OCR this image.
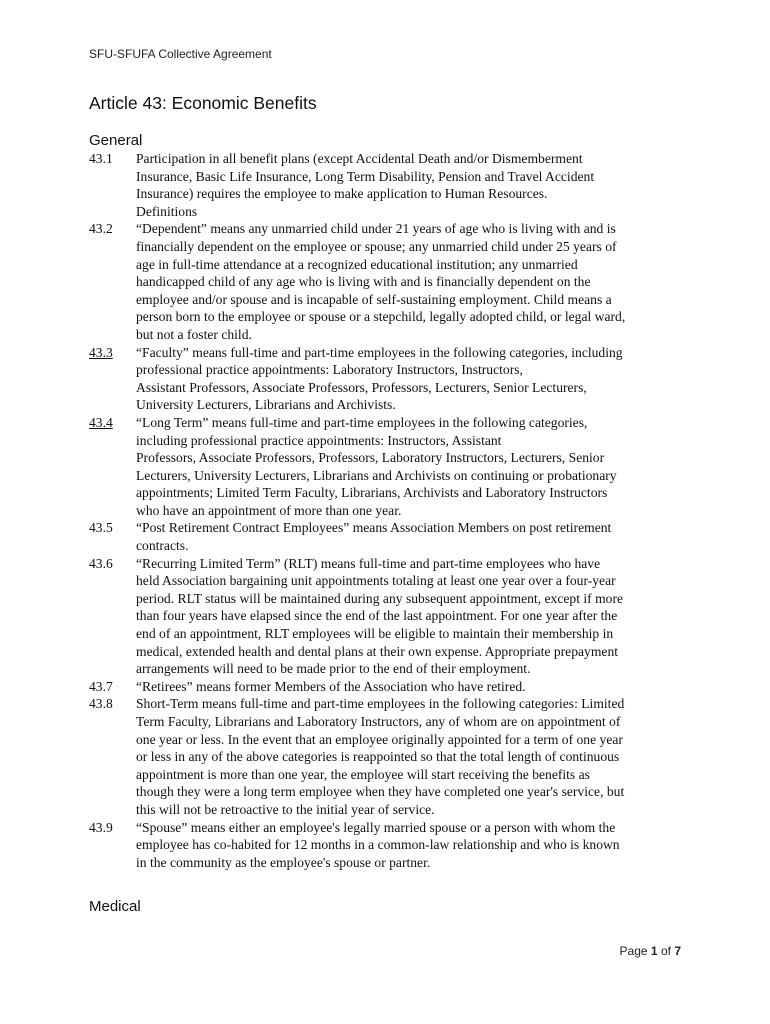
SFU-SFUFA Collective Agreement
Article 43: Economic Benefits
General
43.1	Participation in all benefit plans (except Accidental Death and/or Dismemberment
Insurance, Basic Life Insurance, Long Term Disability, Pension and Travel Accident
Insurance) requires the employee to make application to Human Resources.
Definitions
43.2	“Dependent” means any unmarried child under 21 years of age who is living with and is
financially dependent on the employee or spouse; any unmarried child under 25 years of
age in full-time attendance at a recognized educational institution; any unmarried
handicapped child of any age who is living with and is financially dependent on the
employee and/or spouse and is incapable of self-sustaining employment. Child means a
person born to the employee or spouse or a stepchild, legally adopted child, or legal ward,
but not a foster child.
43.3	“Faculty” means full-time and part-time employees in the following categories, including
professional practice appointments: Laboratory Instructors, Instructors,
Assistant Professors, Associate Professors, Professors, Lecturers, Senior Lecturers,
University Lecturers, Librarians and Archivists.
43.4	“Long Term” means full-time and part-time employees in the following categories,
including professional practice appointments: Instructors, Assistant
Professors, Associate Professors, Professors, Laboratory Instructors, Lecturers, Senior
Lecturers, University Lecturers, Librarians and Archivists on continuing or probationary
appointments; Limited Term Faculty, Librarians, Archivists and Laboratory Instructors
who have an appointment of more than one year.
43.5	“Post Retirement Contract Employees” means Association Members on post retirement
contracts.
43.6	“Recurring Limited Term” (RLT) means full-time and part-time employees who have
held Association bargaining unit appointments totaling at least one year over a four-year
period. RLT status will be maintained during any subsequent appointment, except if more
than four years have elapsed since the end of the last appointment. For one year after the
end of an appointment, RLT employees will be eligible to maintain their membership in
medical, extended health and dental plans at their own expense. Appropriate prepayment
arrangements will need to be made prior to the end of their employment.
43.7	“Retirees” means former Members of the Association who have retired.
43.8	Short-Term means full-time and part-time employees in the following categories: Limited
Term Faculty, Librarians and Laboratory Instructors, any of whom are on appointment of
one year or less. In the event that an employee originally appointed for a term of one year
or less in any of the above categories is reappointed so that the total length of continuous
appointment is more than one year, the employee will start receiving the benefits as
though they were a long term employee when they have completed one year's service, but
this will not be retroactive to the initial year of service.
43.9	“Spouse” means either an employee's legally married spouse or a person with whom the
employee has co-habited for 12 months in a common-law relationship and who is known
in the community as the employee's spouse or partner.
Medical
Page 1 of 7
